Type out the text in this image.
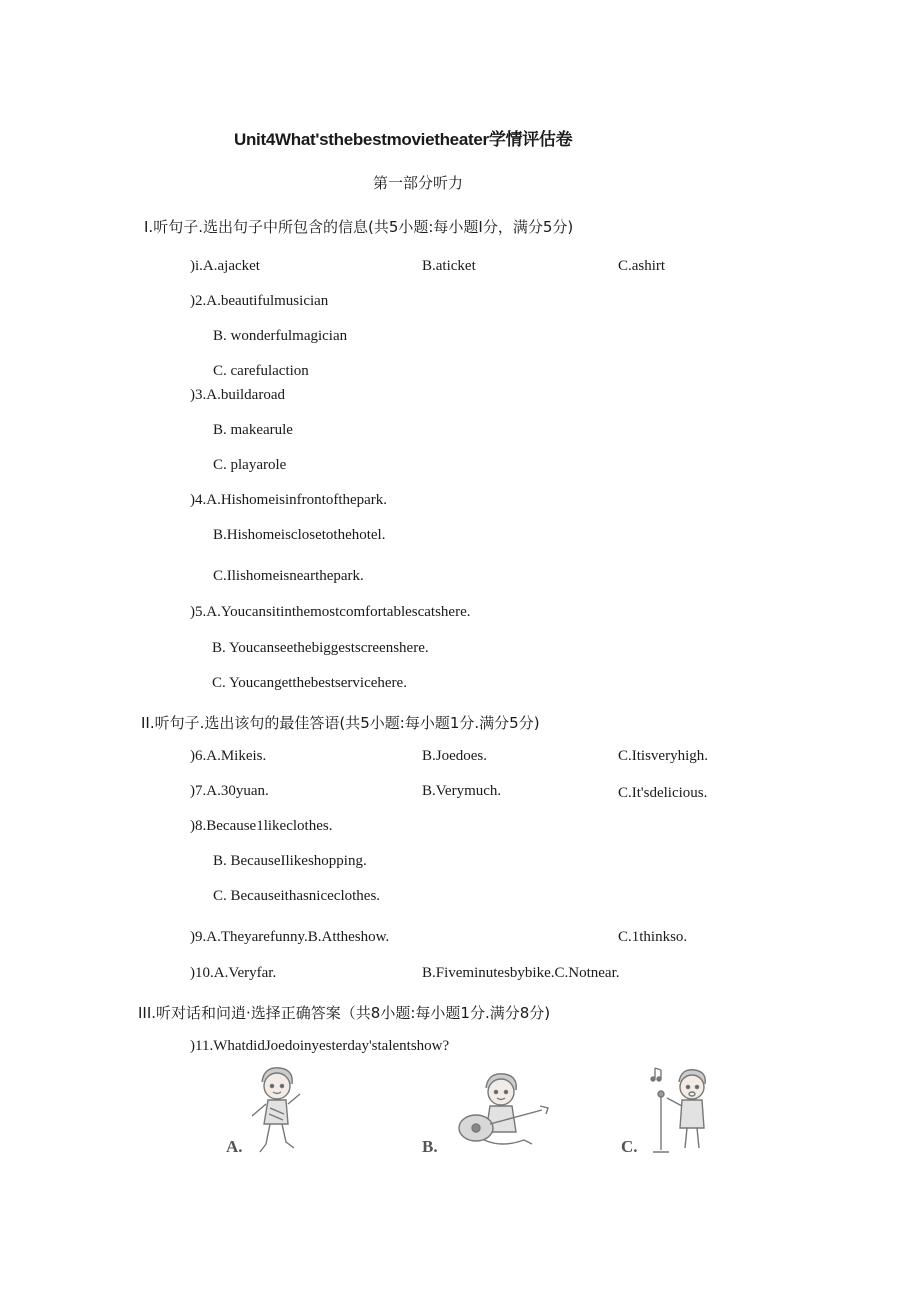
Unit4What'sthebestmovietheater学情评估卷
第一部分听力
I.听句子.选出句子中所包含的信息(共5小题:每小题I分，满分5分)
)i.A.ajacket	B.aticket	C.ashirt
)2.A.beautifulmusician
B. wonderfulmagician
C. carefulaction
)3.A.buildaroad
B. makearule
C. playarole
)4.A.Hishomeisinfrontofthepark.
B.Hishomeisclosetothehotel.
C.Ilishomeisnearthepark.
)5.A.Youcansitinthemostcomfortablescatshere.
B. Youcanseethebiggestscreenshere.
C. Youcangetthebestservicehere.
II.听句子.选出该句的最佳答语(共5小题:每小题1分.满分5分)
)6.A.Mikeis.	B.Joedoes.	C.Itisveryhigh.
)7.A.30yuan.	B.Verymuch.	C.It'sdelicious.
)8.Because1likeclothes.
B. BecauseIlikeshopping.
C. Becauseithasniceclothes.
)9.A.Theyarefunny.B.Attheshow.	C.1thinkso.
)10.A.Veryfar.	B.Fiveminutesbybike.C.Notnear.
III.听对话和问逍·选择正确答案（共8小题:每小题1分.满分8分)
)11.WhatdidJoedoinyesterday'stalentshow?
A.	B.	C.
